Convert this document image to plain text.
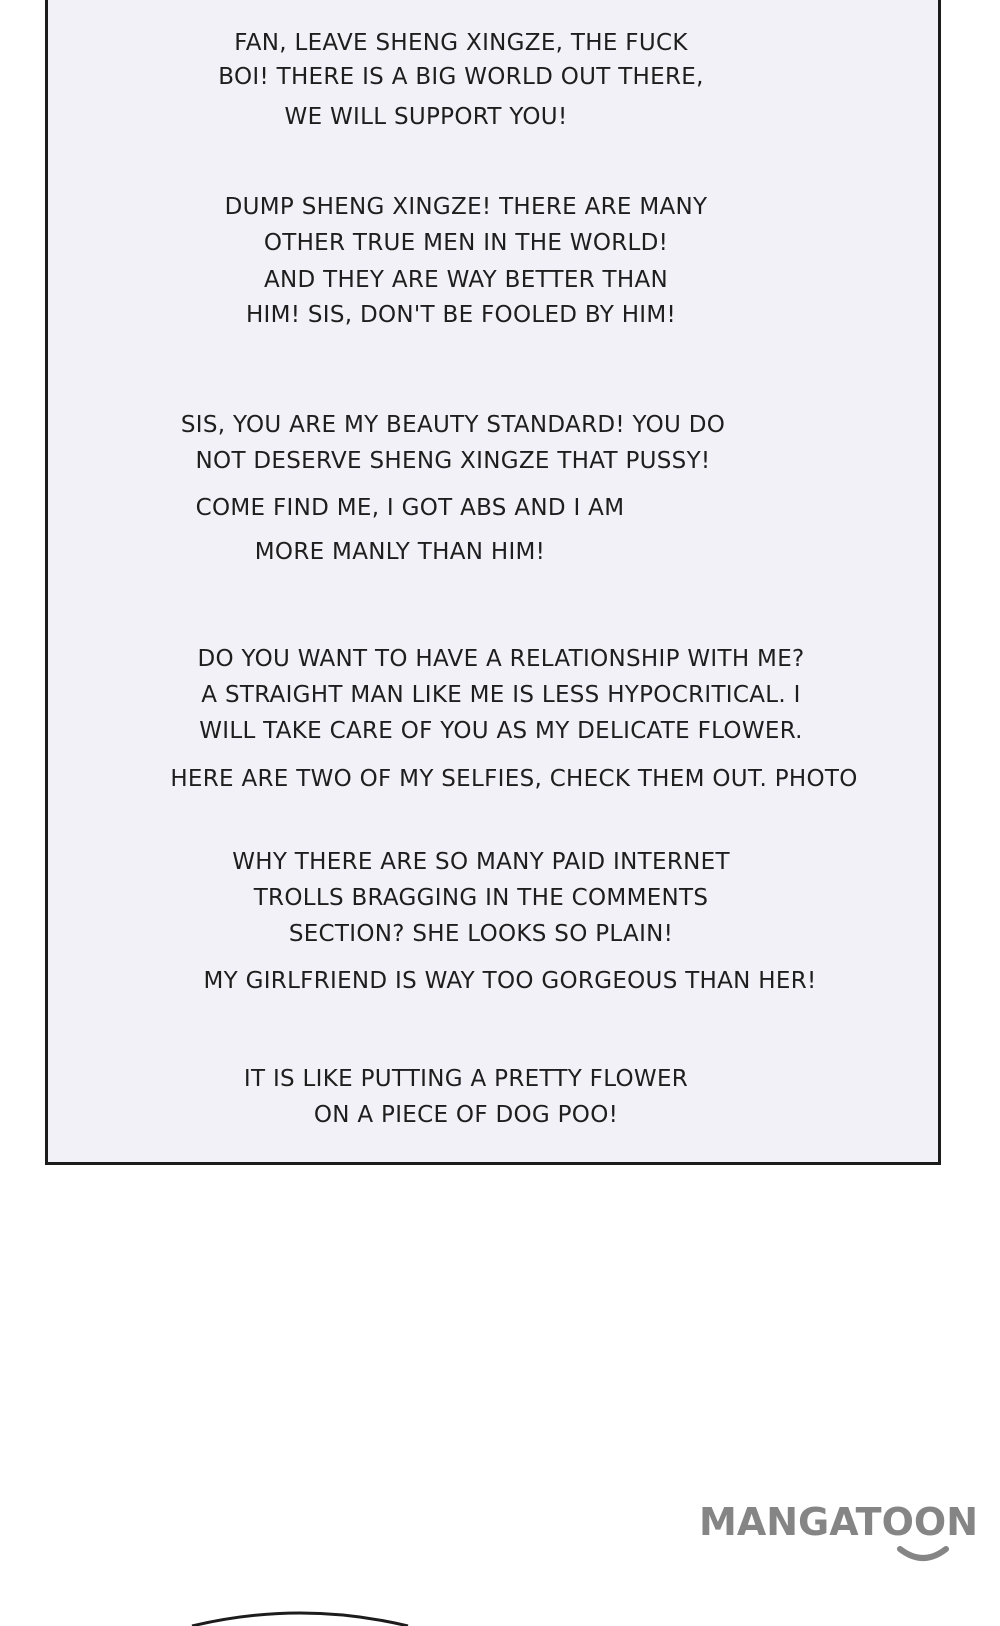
FAN, LEAVE SHENG XINGZE, THE FUCK

BOI! THERE IS A BIG WORLD OUT THERE,

WE WILL SUPPORT YOU!

DUMP SHENG XINGZE! THERE ARE MANY

OTHER TRUE MEN IN THE WORLD!

AND THEY ARE WAY BETTER THAN

HIM! SIS, DON'T BE FOOLED BY HIM!

SIS, YOU ARE MY BEAUTY STANDARD! YOU DO

NOT DESERVE SHENG XINGZE THAT PUSSY!

COME FIND ME, I GOT ABS AND I AM

MORE MANLY THAN HIM!

DO YOU WANT TO HAVE A RELATIONSHIP WITH ME?

A STRAIGHT MAN LIKE ME IS LESS HYPOCRITICAL. I

WILL TAKE CARE OF YOU AS MY DELICATE FLOWER.

HERE ARE TWO OF MY SELFIES, CHECK THEM OUT. PHOTO

WHY THERE ARE SO MANY PAID INTERNET

TROLLS BRAGGING IN THE COMMENTS

SECTION? SHE LOOKS SO PLAIN!

MY GIRLFRIEND IS WAY TOO GORGEOUS THAN HER!

IT IS LIKE PUTTING A PRETTY FLOWER

ON A PIECE OF DOG POO!

MANGATOON
